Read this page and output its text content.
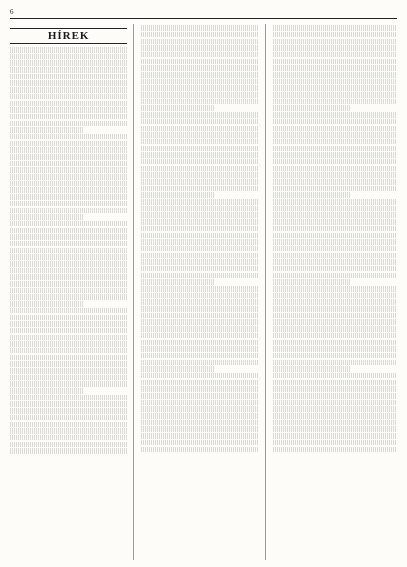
6
HÍREK
